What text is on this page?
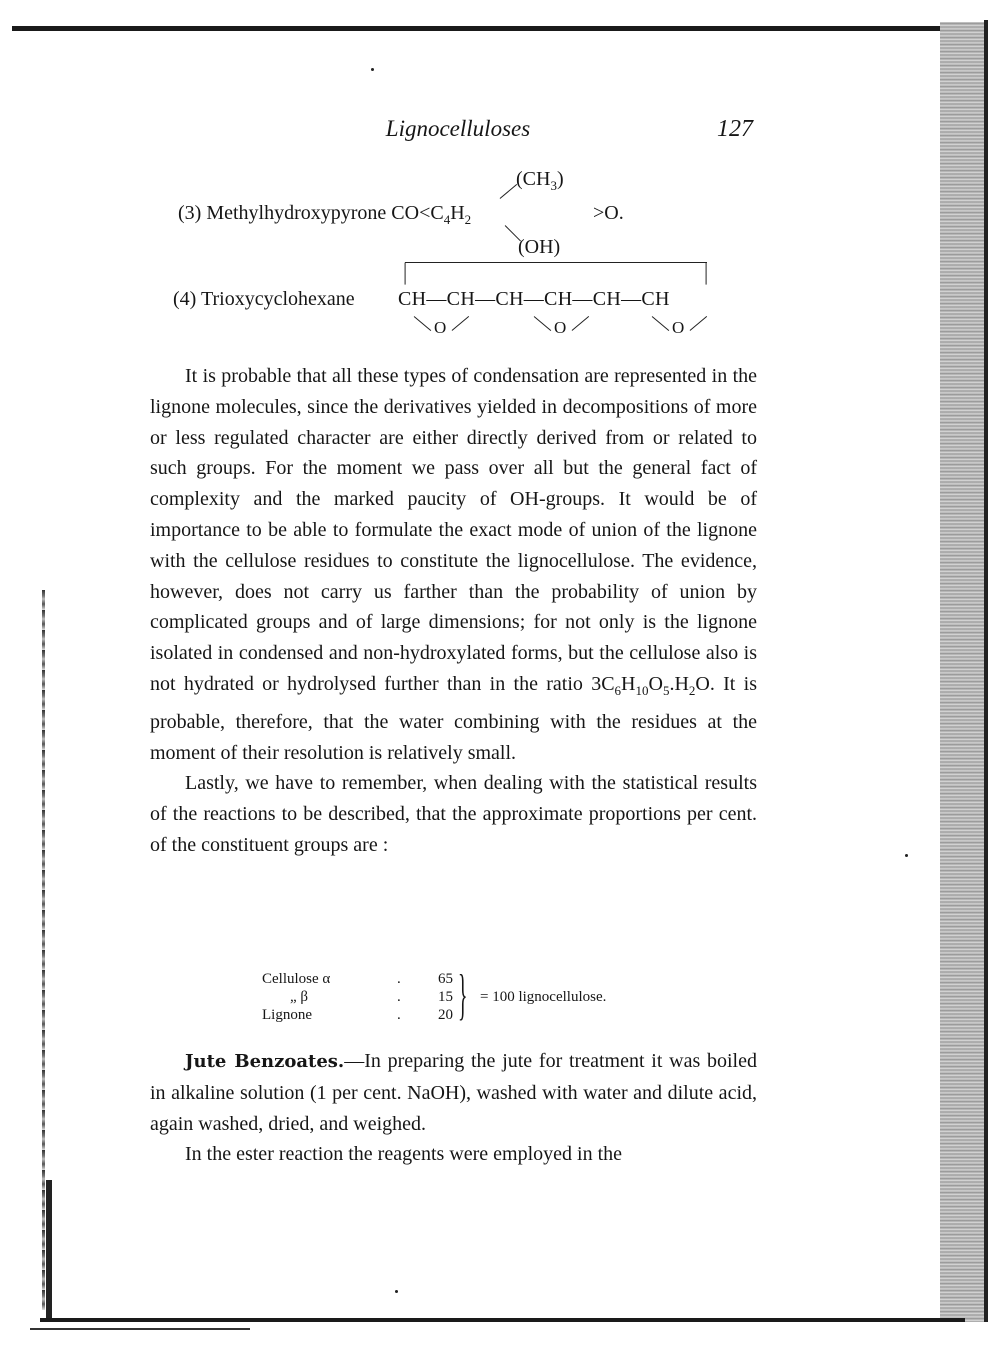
Lignocelluloses	127
$(CH_3)$
(3) Methylhydroxypyrone $CO<C_4H_2$	>O.
(OH)
(4) Trioxycyclohexane CH—CH—CH—CH—CH—CH
O	O	O

It is probable that all these types of condensation are represented in the lignone molecules, since the derivatives yielded in decompositions of more or less regulated character are either directly derived from or related to such groups. For the moment we pass over all but the general fact of complexity and the marked paucity of OH-groups. It would be of importance to be able to formulate the exact mode of union of the lignone with the cellulose residues to constitute the lignocellulose. The evidence, however, does not carry us farther than the probability of union by complicated groups and of large dimensions; for not only is the lignone isolated in condensed and non-hydroxylated forms, but the cellulose also is not hydrated or hydrolysed further than in the ratio $3C_6H_{10}O_5.H_2O$. It is probable, therefore, that the water combining with the residues at the moment of their resolution is relatively small.

Lastly, we have to remember, when dealing with the statistical results of the reactions to be described, that the approximate proportions per cent. of the constituent groups are :

Cellulose α	.	65
„ β	.	15
Lignone	.	20 } = 100 lignocellulose.

Jute Benzoates.—In preparing the jute for treatment it was boiled in alkaline solution (1 per cent. NaOH), washed with water and dilute acid, again washed, dried, and weighed.

In the ester reaction the reagents were employed in the
